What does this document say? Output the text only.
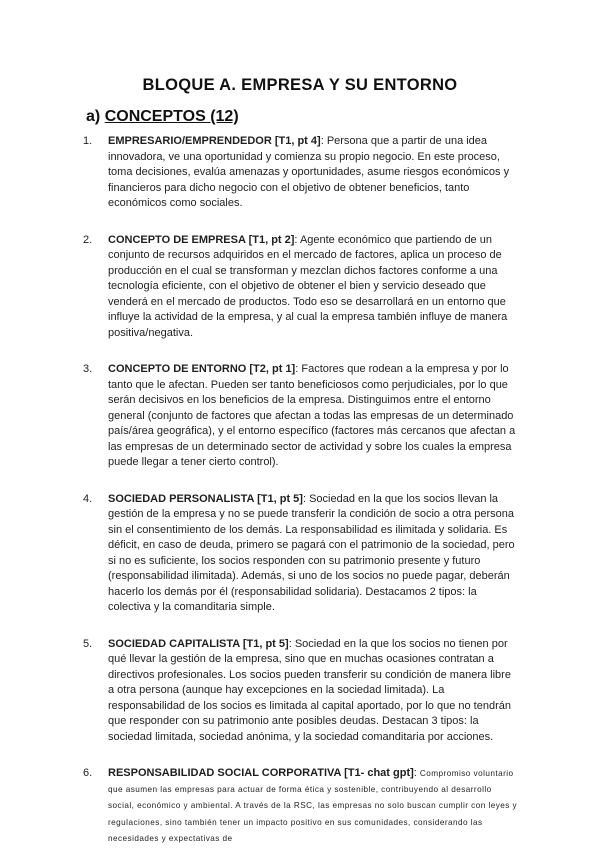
BLOQUE A. EMPRESA Y SU ENTORNO
a) CONCEPTOS (12)
1.	EMPRESARIO/EMPRENDEDOR [T1, pt 4]: Persona que a partir de una idea innovadora, ve una oportunidad y comienza su propio negocio. En este proceso, toma decisiones, evalúa amenazas y oportunidades, asume riesgos económicos y financieros para dicho negocio con el objetivo de obtener beneficios, tanto económicos como sociales.
2.	CONCEPTO DE EMPRESA [T1, pt 2]: Agente económico que partiendo de un conjunto de recursos adquiridos en el mercado de factores, aplica un proceso de producción en el cual se transforman y mezclan dichos factores conforme a una tecnología eficiente, con el objetivo de obtener el bien y servicio deseado que venderá en el mercado de productos. Todo eso se desarrollará en un entorno que influye la actividad de la empresa, y al cual la empresa también influye de manera positiva/negativa.
3.	CONCEPTO DE ENTORNO [T2, pt 1]: Factores que rodean a la empresa y por lo tanto que le afectan. Pueden ser tanto beneficiosos como perjudiciales, por lo que serán decisivos en los beneficios de la empresa. Distinguimos entre el entorno general (conjunto de factores que afectan a todas las empresas de un determinado país/área geográfica), y el entorno específico (factores más cercanos que afectan a las empresas de un determinado sector de actividad y sobre los cuales la empresa puede llegar a tener cierto control).
4.	SOCIEDAD PERSONALISTA [T1, pt 5]: Sociedad en la que los socios llevan la gestión de la empresa y no se puede transferir la condición de socio a otra persona sin el consentimiento de los demás. La responsabilidad es ilimitada y solidaria. Es déficit, en caso de deuda, primero se pagará con el patrimonio de la sociedad, pero si no es suficiente, los socios responden con su patrimonio presente y futuro (responsabilidad ilimitada). Además, si uno de los socios no puede pagar, deberán hacerlo los demás por él (responsabilidad solidaria). Destacamos 2 tipos: la colectiva y la comanditaria simple.
5.	SOCIEDAD CAPITALISTA [T1, pt 5]: Sociedad en la que los socios no tienen por qué llevar la gestión de la empresa, sino que en muchas ocasiones contratan a directivos profesionales. Los socios pueden transferir su condición de manera libre a otra persona (aunque hay excepciones en la sociedad limitada). La responsabilidad de los socios es limitada al capital aportado, por lo que no tendrán que responder con su patrimonio ante posibles deudas. Destacan 3 tipos: la sociedad limitada, sociedad anónima, y la sociedad comanditaria por acciones.
6.	RESPONSABILIDAD SOCIAL CORPORATIVA [T1- chat gpt]: Compromiso voluntario que asumen las empresas para actuar de forma ética y sostenible, contribuyendo al desarrollo social, económico y ambiental. A través de la RSC, las empresas no solo buscan cumplir con leyes y regulaciones, sino también tener un impacto positivo en sus comunidades, considerando las necesidades y expectativas de
